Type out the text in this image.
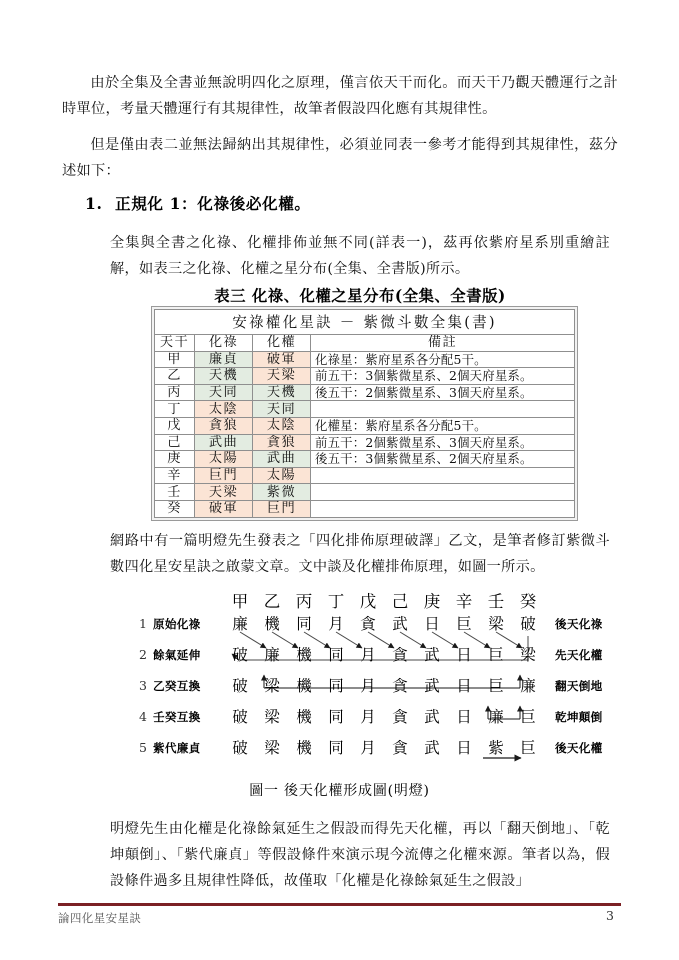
由於全集及全書並無說明四化之原理，僅言依天干而化。而天干乃觀天體運行之計時單位，考量天體運行有其規律性，故筆者假設四化應有其規律性。
但是僅由表二並無法歸納出其規律性，必須並同表一參考才能得到其規律性，茲分述如下：
1. 正規化 1：化祿後必化權。
全集與全書之化祿、化權排佈並無不同(詳表一)，茲再依紫府星系別重繪註解，如表三之化祿、化權之星分布(全集、全書版)所示。
表三 化祿、化權之星分布(全集、全書版)
安祿權化星訣 － 紫微斗數全集(書)			
天干	化祿	化權	備註
甲	廉貞	破軍	化祿星：紫府星系各分配5干。
乙	天機	天梁	前五干：3個紫微星系、2個天府星系。
丙	天同	天機	後五干：2個紫微星系、3個天府星系。
丁	太陰	天同	
戊	貪狼	太陰	化權星：紫府星系各分配5干。
己	武曲	貪狼	前五干：2個紫微星系、3個天府星系。
庚	太陽	武曲	後五干：3個紫微星系、2個天府星系。
辛	巨門	太陽	
壬	天梁	紫微	
癸	破軍	巨門	
網路中有一篇明燈先生發表之「四化排佈原理破譯」乙文，是筆者修訂紫微斗數四化星安星訣之啟蒙文章。文中談及化權排佈原理，如圖一所示。
甲 乙 丙 丁 戊 己 庚 辛 壬 癸
1 原始化祿	廉	機	同	月	貪	武	日	巨	梁	破	後天化祿
2 餘氣延伸	破	廉	機	同	月	貪	武	日	巨	梁	先天化權
3 乙癸互換	破	梁	機	同	月	貪	武	日	巨	廉	翻天倒地
4 壬癸互換	破	梁	機	同	月	貪	武	日	廉	巨	乾坤顛倒
5 紫代廉貞	破	梁	機	同	月	貪	武	日	紫	巨	後天化權
圖一 後天化權形成圖(明燈)
明燈先生由化權是化祿餘氣延生之假設而得先天化權，再以「翻天倒地」、「乾坤顛倒」、「紫代廉貞」等假設條件來演示現今流傳之化權來源。筆者以為，假設條件過多且規律性降低，故僅取「化權是化祿餘氣延生之假設」
論四化星安星訣	3
